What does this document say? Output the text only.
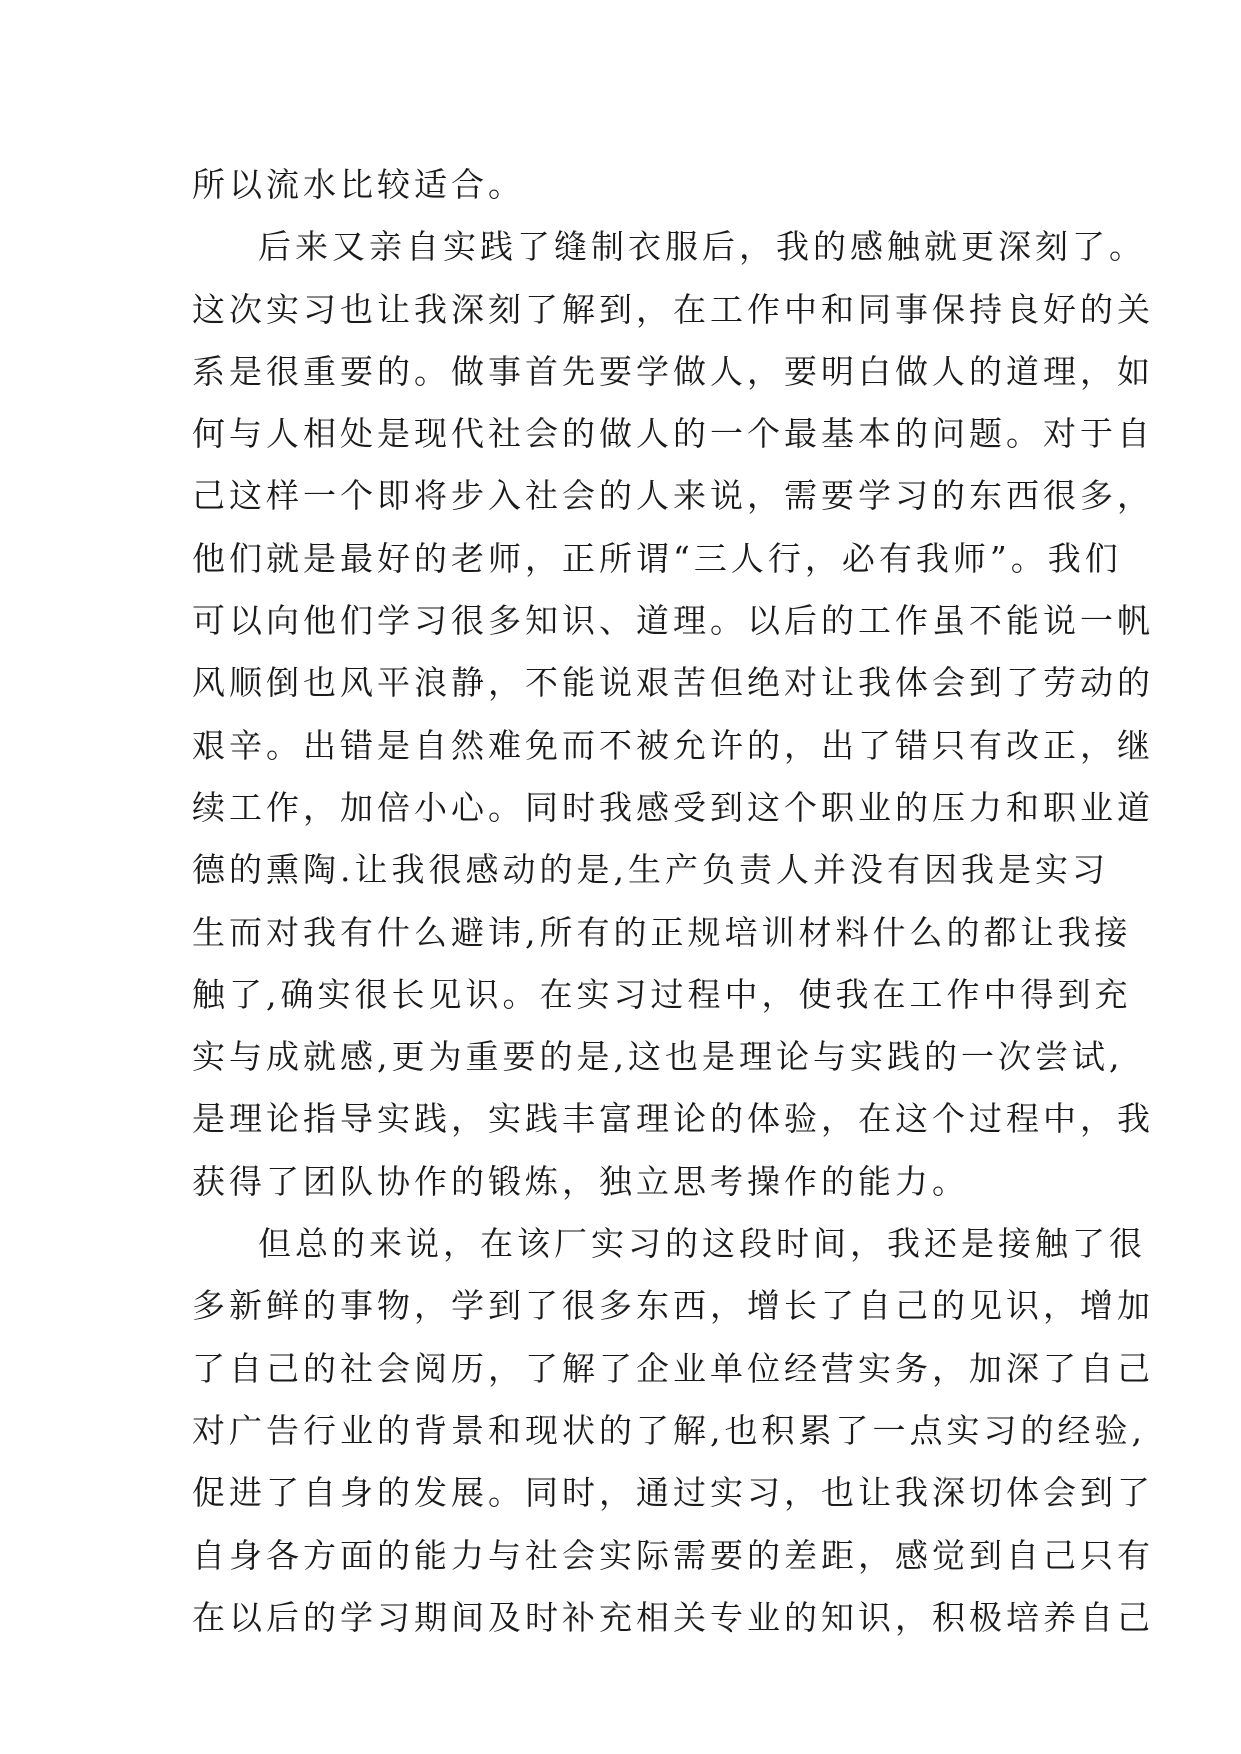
所以流水比较适合。

后来又亲自实践了缝制衣服后，我的感触就更深刻了。

这次实习也让我深刻了解到，在工作中和同事保持良好的关

系是很重要的。做事首先要学做人，要明白做人的道理，如

何与人相处是现代社会的做人的一个最基本的问题。对于自

己这样一个即将步入社会的人来说，需要学习的东西很多，

他们就是最好的老师，正所谓“三人行，必有我师”。我们

可以向他们学习很多知识、道理。以后的工作虽不能说一帆

风顺倒也风平浪静，不能说艰苦但绝对让我体会到了劳动的

艰辛。出错是自然难免而不被允许的，出了错只有改正，继

续工作，加倍小心。同时我感受到这个职业的压力和职业道

德的熏陶.让我很感动的是,生产负责人并没有因我是实习

生而对我有什么避讳,所有的正规培训材料什么的都让我接

触了,确实很长见识。在实习过程中，使我在工作中得到充

实与成就感,更为重要的是,这也是理论与实践的一次尝试,

是理论指导实践，实践丰富理论的体验，在这个过程中，我

获得了团队协作的锻炼，独立思考操作的能力。

但总的来说，在该厂实习的这段时间，我还是接触了很

多新鲜的事物，学到了很多东西，增长了自己的见识，增加

了自己的社会阅历，了解了企业单位经营实务，加深了自己

对广告行业的背景和现状的了解,也积累了一点实习的经验,

促进了自身的发展。同时，通过实习，也让我深切体会到了

自身各方面的能力与社会实际需要的差距，感觉到自己只有

在以后的学习期间及时补充相关专业的知识，积极培养自己
